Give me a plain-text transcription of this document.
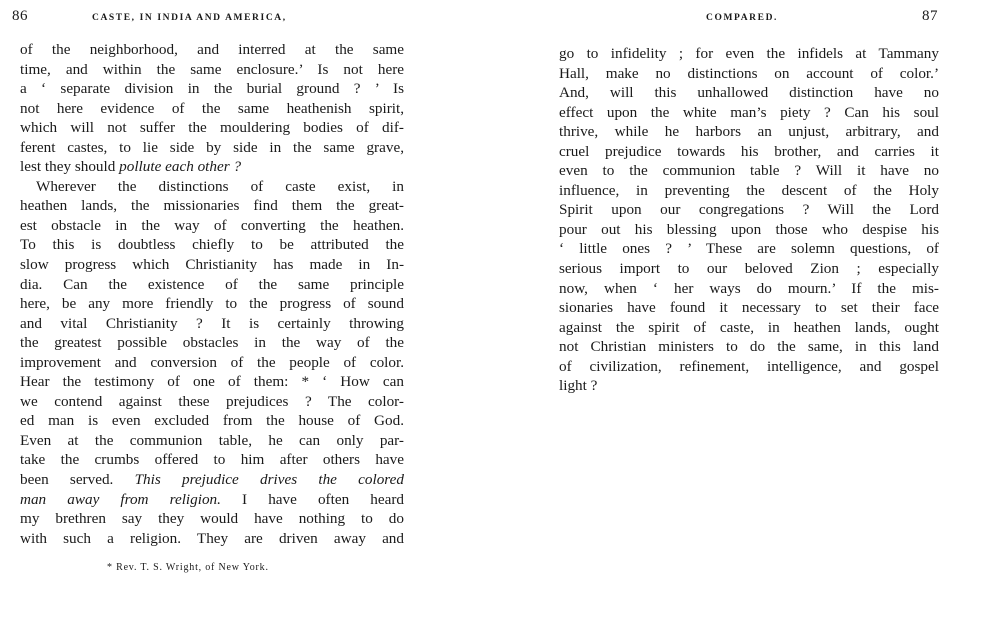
86	CASTE, IN INDIA AND AMERICA,
of the neighborhood, and interred at the same
time, and within the same enclosure.’ Is not here
a ‘ separate division in the burial ground ? ’ Is
not here evidence of the same heathenish spirit,
which will not suffer the mouldering bodies of dif-
ferent castes, to lie side by side in the same grave,
lest they should pollute each other ?
Wherever the distinctions of caste exist, in
heathen lands, the missionaries find them the great-
est obstacle in the way of converting the heathen.
To this is doubtless chiefly to be attributed the
slow progress which Christianity has made in In-
dia. Can the existence of the same principle
here, be any more friendly to the progress of sound
and vital Christianity ? It is certainly throwing
the greatest possible obstacles in the way of the
improvement and conversion of the people of color.
Hear the testimony of one of them: * ‘ How can
we contend against these prejudices ? The color-
ed man is even excluded from the house of God.
Even at the communion table, he can only par-
take the crumbs offered to him after others have
been served. This prejudice drives the colored
man away from religion. I have often heard
my brethren say they would have nothing to do
with such a religion. They are driven away and
* Rev. T. S. Wright, of New York.
COMPARED.	87
go to infidelity ; for even the infidels at Tammany
Hall, make no distinctions on account of color.’
And, will this unhallowed distinction have no
effect upon the white man’s piety ? Can his soul
thrive, while he harbors an unjust, arbitrary, and
cruel prejudice towards his brother, and carries it
even to the communion table ? Will it have no
influence, in preventing the descent of the Holy
Spirit upon our congregations ? Will the Lord
pour out his blessing upon those who despise his
‘ little ones ? ’ These are solemn questions, of
serious import to our beloved Zion ; especially
now, when ‘ her ways do mourn.’ If the mis-
sionaries have found it necessary to set their face
against the spirit of caste, in heathen lands, ought
not Christian ministers to do the same, in this land
of civilization, refinement, intelligence, and gospel
light ?
